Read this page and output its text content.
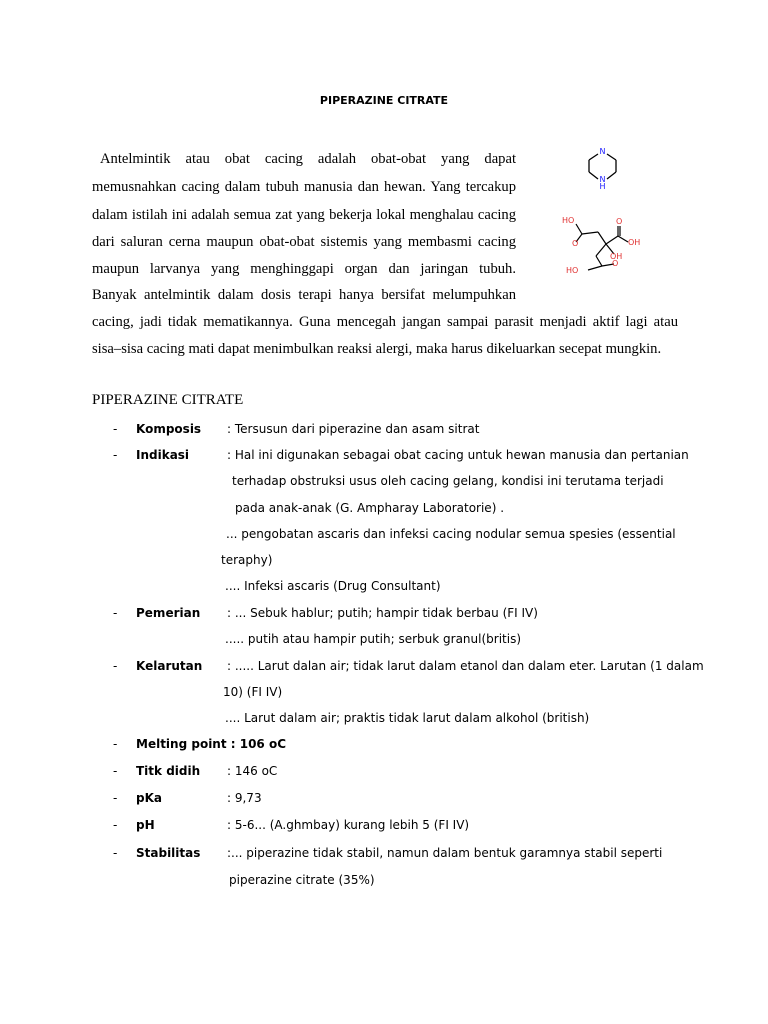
PIPERAZINE CITRATE
Antelmintik atau obat cacing adalah obat-obat yang dapat
memusnahkan cacing dalam tubuh manusia dan hewan. Yang tercakup
dalam istilah ini adalah semua zat yang bekerja lokal menghalau cacing
dari saluran cerna maupun obat-obat sistemis yang membasmi cacing
maupun larvanya yang menghinggapi organ dan jaringan tubuh.
Banyak antelmintik dalam dosis terapi hanya bersifat melumpuhkan
cacing, jadi tidak mematikannya. Guna mencegah jangan sampai parasit menjadi aktif lagi atau
sisa–sisa cacing mati dapat menimbulkan reaksi alergi, maka harus dikeluarkan secepat mungkin.
N
N
H
HO	O
O	OH
OH
O
HO
PIPERAZINE CITRATE
- Komposis : Tersusun dari piperazine dan asam sitrat
- Indikasi	: Hal ini digunakan sebagai obat cacing untuk hewan manusia dan pertanian
terhadap obstruksi usus oleh cacing gelang, kondisi ini terutama terjadi
pada anak-anak (G. Ampharay Laboratorie) .
... pengobatan ascaris dan infeksi cacing nodular semua spesies (essential
teraphy)
.... Infeksi ascaris (Drug Consultant)
- Pemerian : ... Sebuk hablur; putih; hampir tidak berbau (FI IV)
..... putih atau hampir putih; serbuk granul(britis)
- Kelarutan : ..... Larut dalan air; tidak larut dalam etanol dan dalam eter. Larutan (1 dalam
10) (FI IV)
.... Larut dalam air; praktis tidak larut dalam alkohol (british)
- Melting point : 106 oC
- Titk didih : 146 oC
- pKa	: 9,73
- pH	: 5-6... (A.ghmbay) kurang lebih 5 (FI IV)
- Stabilitas :... piperazine tidak stabil, namun dalam bentuk garamnya stabil seperti
piperazine citrate (35%)
